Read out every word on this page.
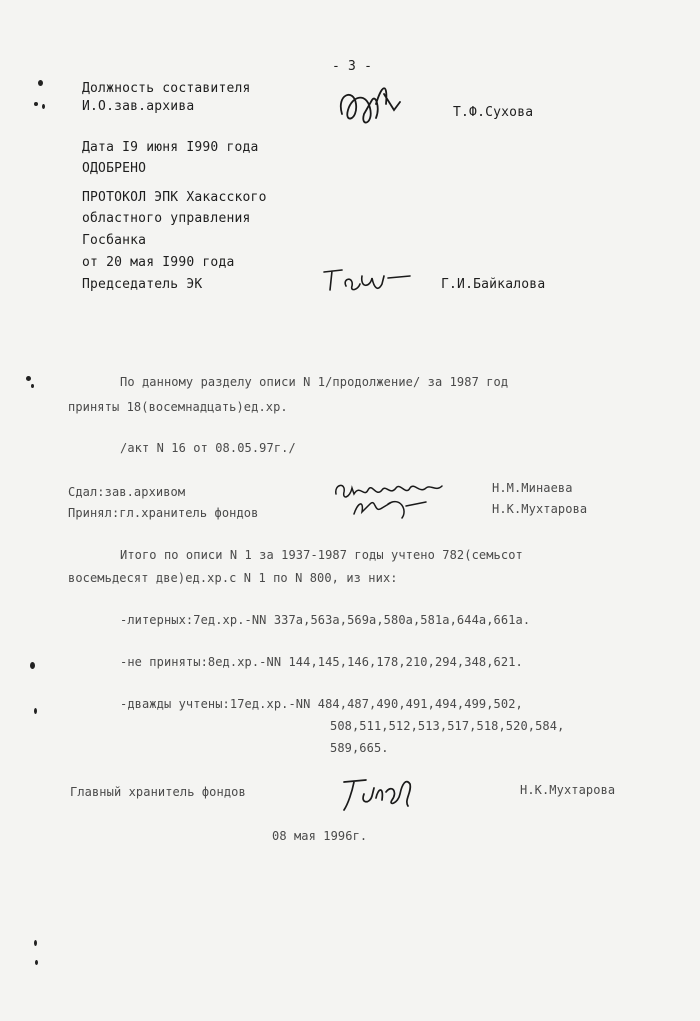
- 3 -
Должность составителя
И.О.зав.архива	Т.Ф.Сухова
Дата I9 июня I990 года
ОДОБРЕНО
ПРОТОКОЛ ЭПК Хакасского
областного управления
Госбанка
от 20 мая I990 года
Председатель ЭК	Г.И.Байкалова
По данному разделу описи N 1/продолжение/ за 1987 год
приняты 18(восемнадцать)ед.хр.
/акт N 16 от 08.05.97г./
Сдал:зав.архивом	Н.М.Минаева
Принял:гл.хранитель фондов	Н.К.Мухтарова
Итого по описи N 1 за 1937-1987 годы учтено 782(семьсот
восемьдесят две)ед.хр.с N 1 по N 800, из них:
-литерных:7ед.хр.-NN 337а,563а,569а,580а,581а,644а,661а.
-не приняты:8ед.хр.-NN 144,145,146,178,210,294,348,621.
-дважды учтены:17ед.хр.-NN 484,487,490,491,494,499,502,
508,511,512,513,517,518,520,584,
589,665.
Главный хранитель фондов	Н.К.Мухтарова
08 мая 1996г.
